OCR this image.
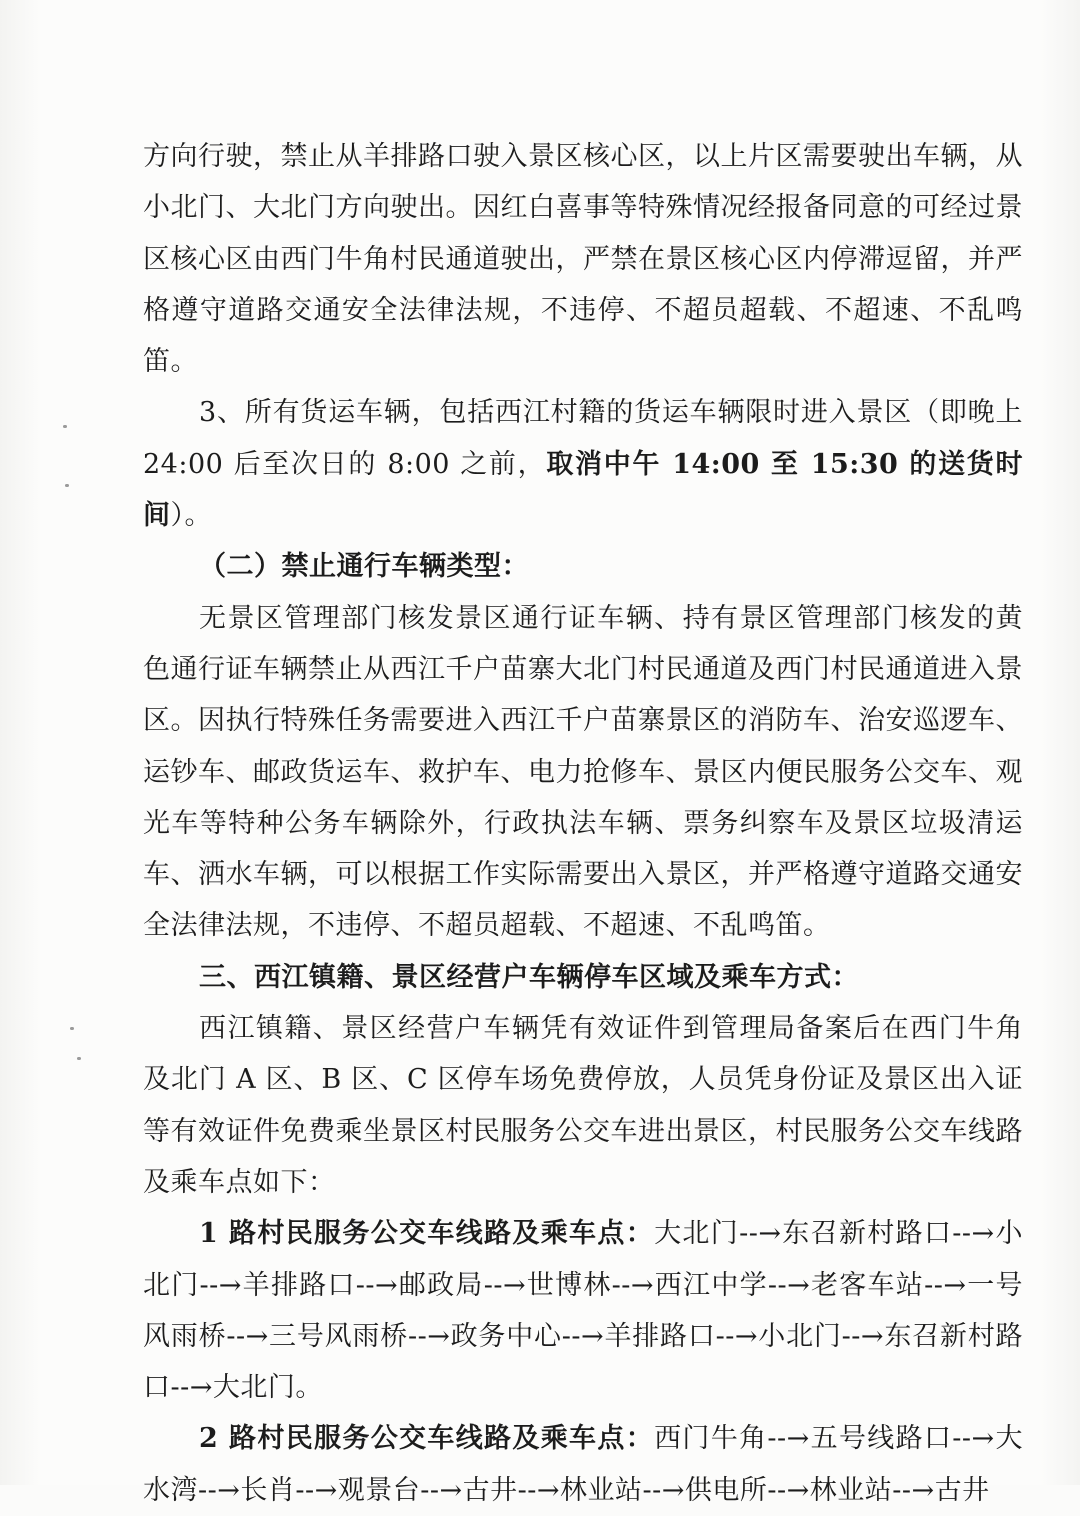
方向行驶，禁止从羊排路口驶入景区核心区，以上片区需要驶出车辆，从小北门、大北门方向驶出。因红白喜事等特殊情况经报备同意的可经过景区核心区由西门牛角村民通道驶出，严禁在景区核心区内停滞逗留，并严格遵守道路交通安全法律法规，不违停、不超员超载、不超速、不乱鸣笛。

3、所有货运车辆，包括西江村籍的货运车辆限时进入景区（即晚上 24:00 后至次日的 8:00 之前，取消中午 14:00 至 15:30 的送货时间）。

（二）禁止通行车辆类型：

无景区管理部门核发景区通行证车辆、持有景区管理部门核发的黄色通行证车辆禁止从西江千户苗寨大北门村民通道及西门村民通道进入景区。因执行特殊任务需要进入西江千户苗寨景区的消防车、治安巡逻车、运钞车、邮政货运车、救护车、电力抢修车、景区内便民服务公交车、观光车等特种公务车辆除外，行政执法车辆、票务纠察车及景区垃圾清运车、洒水车辆，可以根据工作实际需要出入景区，并严格遵守道路交通安全法律法规，不违停、不超员超载、不超速、不乱鸣笛。

三、西江镇籍、景区经营户车辆停车区域及乘车方式：

西江镇籍、景区经营户车辆凭有效证件到管理局备案后在西门牛角及北门 A 区、B 区、C 区停车场免费停放，人员凭身份证及景区出入证等有效证件免费乘坐景区村民服务公交车进出景区，村民服务公交车线路及乘车点如下：

1 路村民服务公交车线路及乘车点：大北门--→东召新村路口--→小北门--→羊排路口--→邮政局--→世博林--→西江中学--→老客车站--→一号风雨桥--→三号风雨桥--→政务中心--→羊排路口--→小北门--→东召新村路口--→大北门。

2 路村民服务公交车线路及乘车点：西门牛角--→五号线路口--→大水湾--→长肖--→观景台--→古井--→林业站--→供电所--→林业站--→古井
